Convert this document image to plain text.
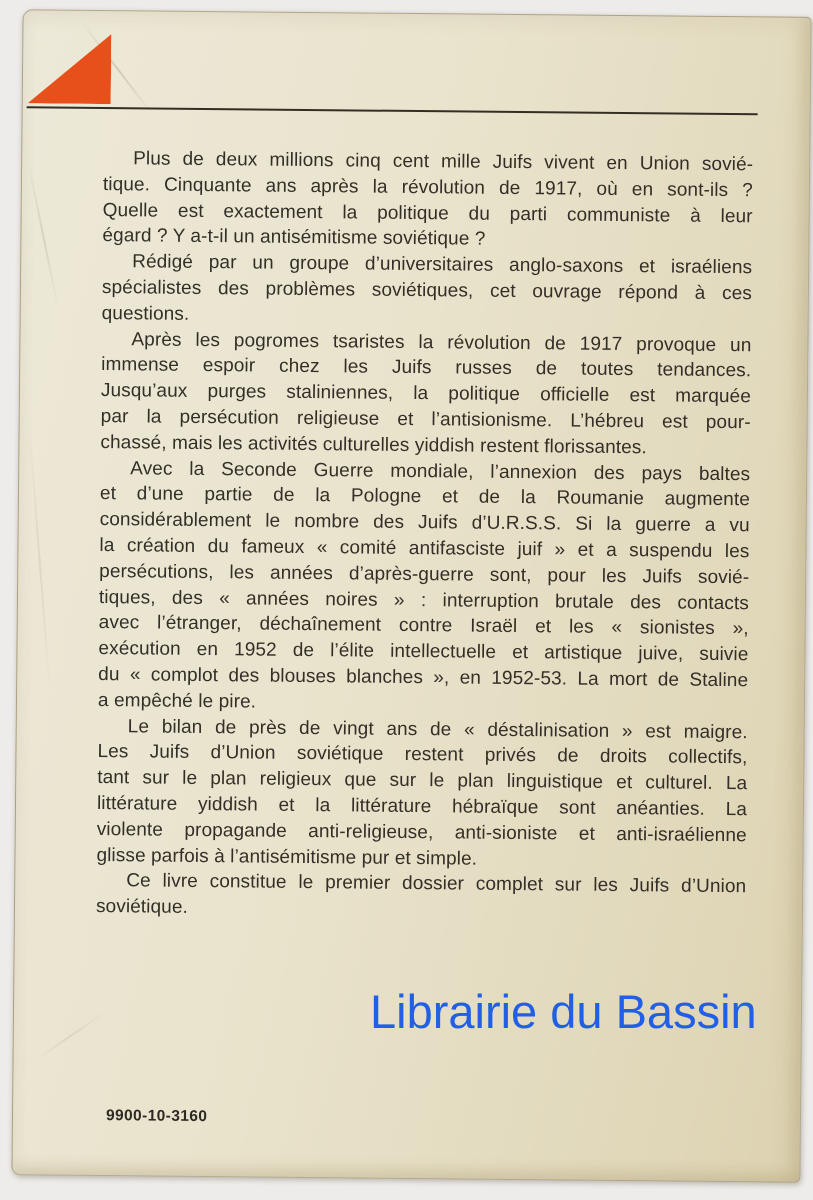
Plus de deux millions cinq cent mille Juifs vivent en Union sovié-
tique. Cinquante ans après la révolution de 1917, où en sont-ils ?
Quelle est exactement la politique du parti communiste à leur
égard ? Y a-t-il un antisémitisme soviétique ?
Rédigé par un groupe d’universitaires anglo-saxons et israéliens
spécialistes des problèmes soviétiques, cet ouvrage répond à ces
questions.
Après les pogromes tsaristes la révolution de 1917 provoque un
immense espoir chez les Juifs russes de toutes tendances.
Jusqu’aux purges staliniennes, la politique officielle est marquée
par la persécution religieuse et l’antisionisme. L’hébreu est pour-
chassé, mais les activités culturelles yiddish restent florissantes.
Avec la Seconde Guerre mondiale, l’annexion des pays baltes
et d’une partie de la Pologne et de la Roumanie augmente
considérablement le nombre des Juifs d’U.R.S.S. Si la guerre a vu
la création du fameux « comité antifasciste juif » et a suspendu les
persécutions, les années d’après-guerre sont, pour les Juifs sovié-
tiques, des « années noires » : interruption brutale des contacts
avec l’étranger, déchaînement contre Israël et les « sionistes »,
exécution en 1952 de l’élite intellectuelle et artistique juive, suivie
du « complot des blouses blanches », en 1952-53. La mort de Staline
a empêché le pire.
Le bilan de près de vingt ans de « déstalinisation » est maigre.
Les Juifs d’Union soviétique restent privés de droits collectifs,
tant sur le plan religieux que sur le plan linguistique et culturel. La
littérature yiddish et la littérature hébraïque sont anéanties. La
violente propagande anti-religieuse, anti-sioniste et anti-israélienne
glisse parfois à l’antisémitisme pur et simple.
Ce livre constitue le premier dossier complet sur les Juifs d’Union
soviétique.
9900-10-3160
Librairie du Bassin
